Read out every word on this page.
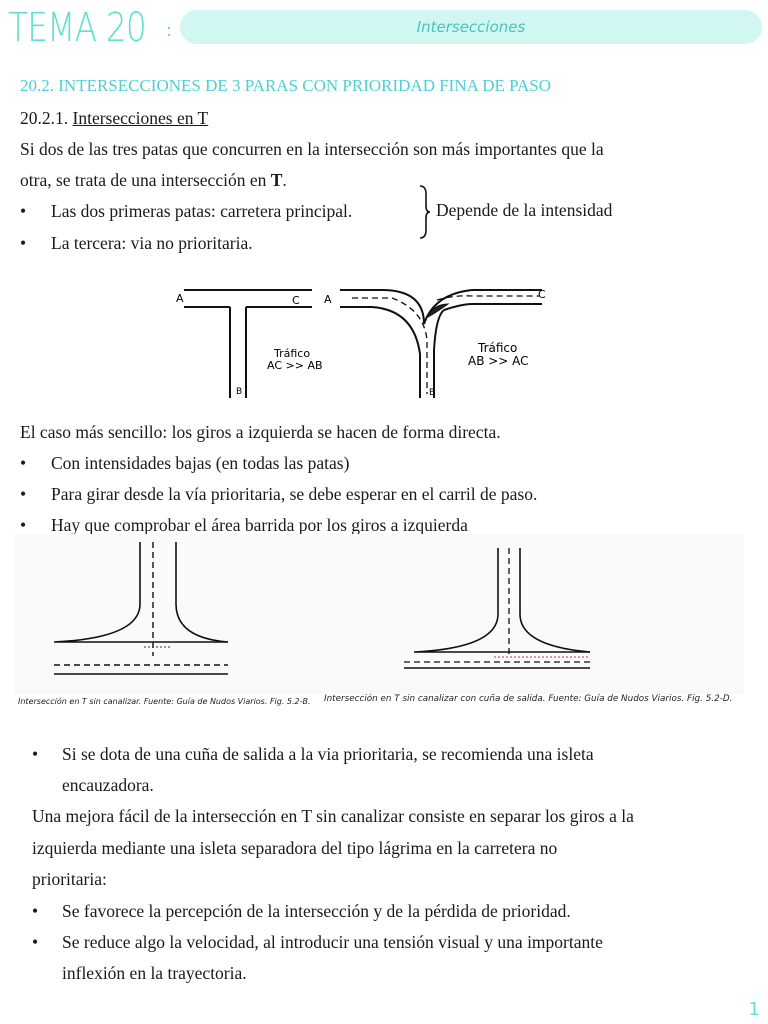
TEMA 20 :	Intersecciones
20.2. INTERSECCIONES DE 3 PARAS CON PRIORIDAD FINA DE PASO
20.2.1. Intersecciones en T
Si dos de las tres patas que concurren en la intersección son más importantes que la
otra, se trata de una intersección en T.
• Las dos primeras patas: carretera principal.
• La tercera: via no prioritaria.
Depende de la intensidad
A	C
B
Tráfico
AC >> AB
A	C
B
Tráfico
AB >> AC
El caso más sencillo: los giros a izquierda se hacen de forma directa.
• Con intensidades bajas (en todas las patas)
• Para girar desde la vía prioritaria, se debe esperar en el carril de paso.
• Hay que comprobar el área barrida por los giros a izquierda
Intersección en T sin canalizar. Fuente: Guía de Nudos Viarios. Fig. 5.2-B. Intersección en T sin canalizar con cuña de salida. Fuente: Guía de Nudos Viarios. Fig. 5.2-D.
• Si se dota de una cuña de salida a la via prioritaria, se recomienda una isleta
encauzadora.
Una mejora fácil de la intersección en T sin canalizar consiste en separar los giros a la
izquierda mediante una isleta separadora del tipo lágrima en la carretera no
prioritaria:
• Se favorece la percepción de la intersección y de la pérdida de prioridad.
• Se reduce algo la velocidad, al introducir una tensión visual y una importante
inflexión en la trayectoria.
1
